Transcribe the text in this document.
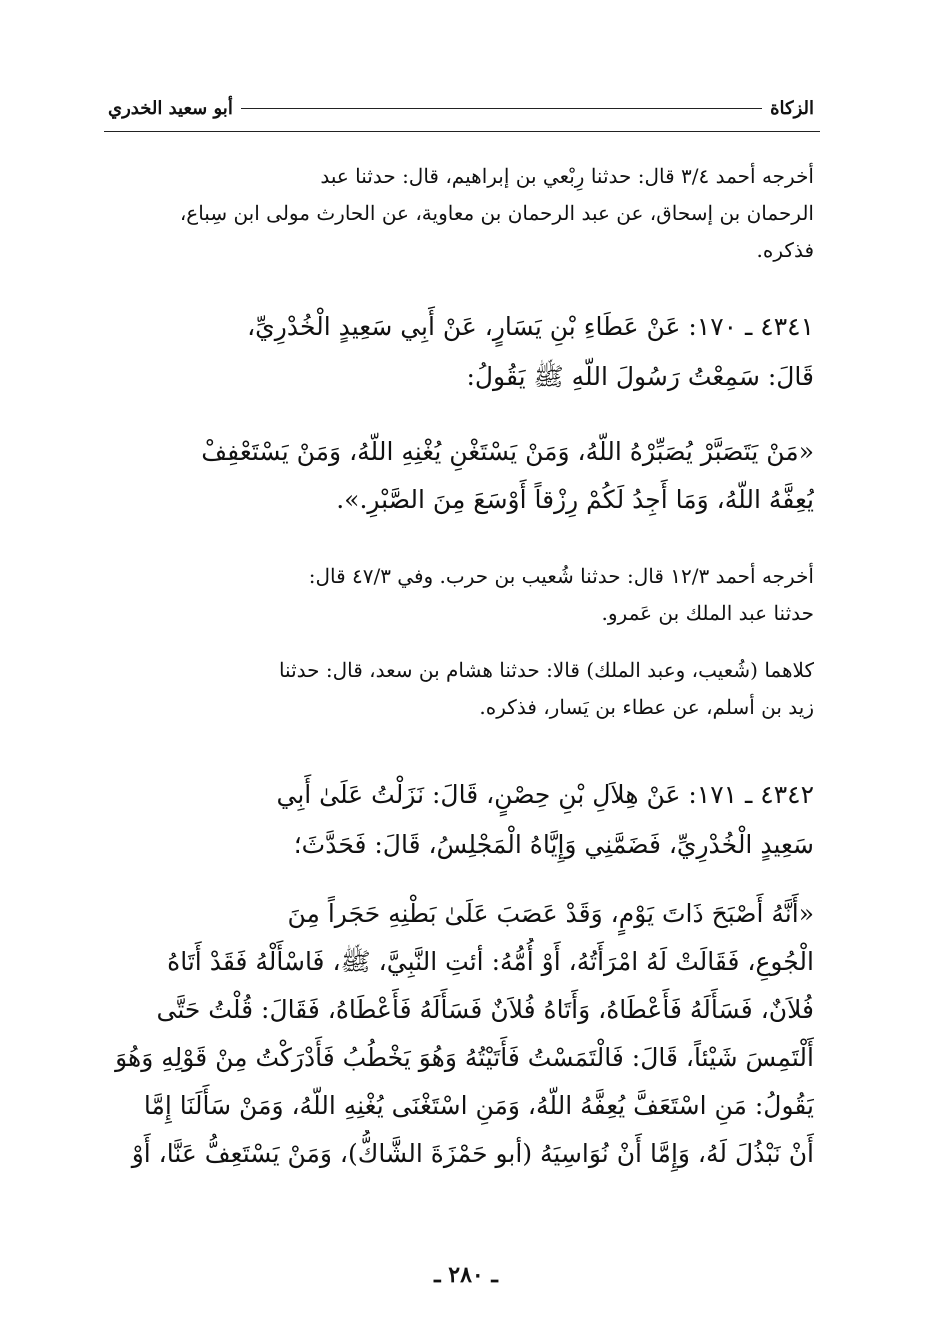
الزكاة
أبو سعيد الخدري
أخرجه أحمد ٣/٤ قال: حدثنا رِبْعي بن إبراهيم، قال: حدثنا عبد
الرحمان بن إسحاق، عن عبد الرحمان بن معاوية، عن الحارث مولى ابن سِباع،
فذكره.
٤٣٤١ ـ ١٧٠: عَنْ عَطَاءِ بْنِ يَسَارٍ، عَنْ أَبِي سَعِيدٍ الْخُدْرِيِّ،
قَالَ: سَمِعْتُ رَسُولَ اللّهِ ﷺ يَقُولُ:
«مَنْ يَتَصَبَّرْ يُصَبِّرْهُ اللّهُ، وَمَنْ يَسْتَغْنِ يُغْنِهِ اللّهُ، وَمَنْ يَسْتَعْفِفْ
يُعِفَّهُ اللّهُ، وَمَا أَجِدُ لَكُمْ رِزْقاً أَوْسَعَ مِنَ الصَّبْرِ.».
أخرجه أحمد ١٢/٣ قال: حدثنا شُعيب بن حرب. وفي ٤٧/٣ قال:
حدثنا عبد الملك بن عَمرو.
كلاهما (شُعيب، وعبد الملك) قالا: حدثنا هشام بن سعد، قال: حدثنا
زيد بن أسلم، عن عطاء بن يَسار، فذكره.
٤٣٤٢ ـ ١٧١: عَنْ هِلاَلِ بْنِ حِصْنٍ، قَالَ: نَزَلْتُ عَلَىٰ أَبِي
سَعِيدٍ الْخُدْرِيِّ، فَضَمَّنِي وَإِيَّاهُ الْمَجْلِسُ، قَالَ: فَحَدَّثَ؛
«أَنَّهُ أَصْبَحَ ذَاتَ يَوْمٍ، وَقَدْ عَصَبَ عَلَىٰ بَطْنِهِ حَجَراً مِنَ
الْجُوعِ، فَقَالَتْ لَهُ امْرَأَتُهُ، أَوْ أُمُّهُ: أئتِ النَّبِيَّ، ﷺ، فَاسْأَلْهُ فَقَدْ أَتَاهُ
فُلاَنٌ، فَسَأَلَهُ فَأَعْطَاهُ، وَأَتَاهُ فُلاَنٌ فَسَأَلَهُ فَأَعْطَاهُ، فَقَالَ: قُلْتُ حَتَّى
أَلْتَمِسَ شَيْئاً، قَالَ: فَالْتَمَسْتُ فَأَتَيْتُهُ وَهُوَ يَخْطُبُ فَأَدْرَكْتُ مِنْ قَوْلِهِ وَهُوَ
يَقُولُ: مَنِ اسْتَعَفَّ يُعِفَّهُ اللّهُ، وَمَنِ اسْتَغْنَى يُغْنِهِ اللّهُ، وَمَنْ سَأَلَنَا إِمَّا
أَنْ نَبْذُلَ لَهُ، وَإِمَّا أَنْ نُوَاسِيَهُ (أبو حَمْزَةَ الشَّاكُّ)، وَمَنْ يَسْتَعِفُّ عَنَّا، أَوْ
ـ ٢٨٠ ـ
